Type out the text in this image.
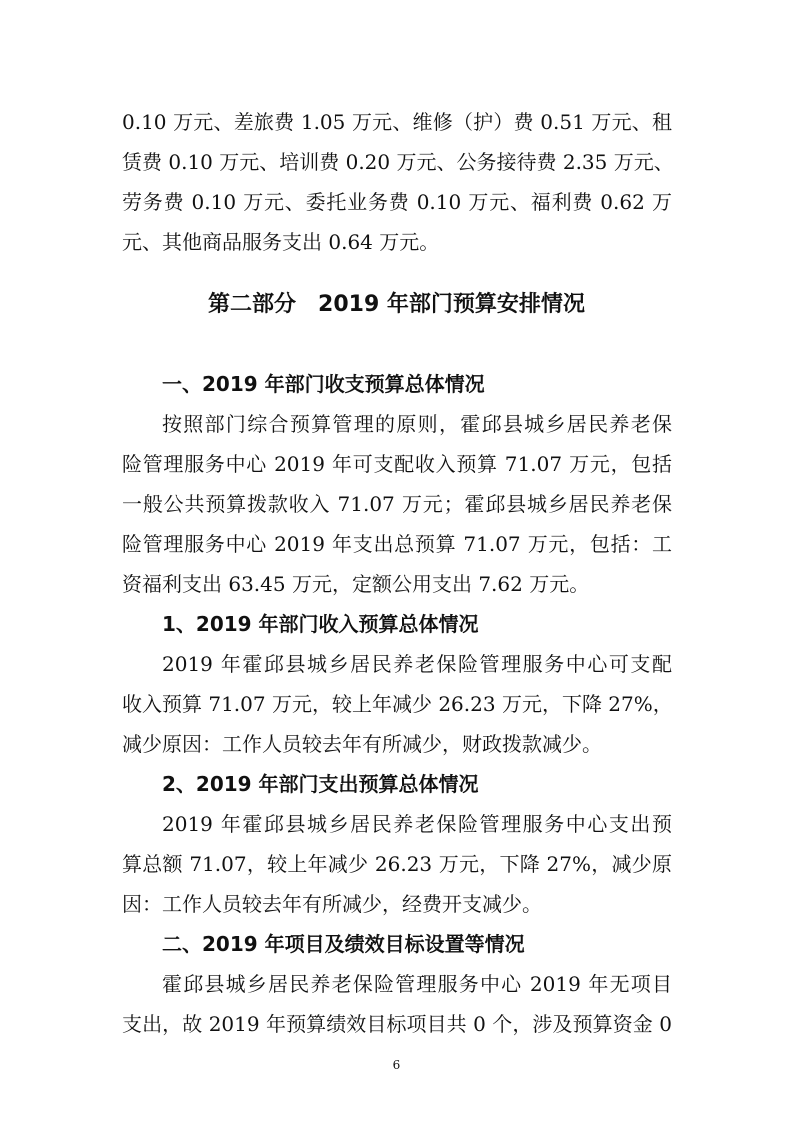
0.10 万元、差旅费 1.05 万元、维修（护）费 0.51 万元、租
赁费 0.10 万元、培训费 0.20 万元、公务接待费 2.35 万元、
劳务费 0.10 万元、委托业务费 0.10 万元、福利费 0.62 万
元、其他商品服务支出 0.64 万元。
第二部分　2019 年部门预算安排情况
一、2019 年部门收支预算总体情况
按照部门综合预算管理的原则，霍邱县城乡居民养老保
险管理服务中心 2019 年可支配收入预算 71.07 万元，包括
一般公共预算拨款收入 71.07 万元；霍邱县城乡居民养老保
险管理服务中心 2019 年支出总预算 71.07 万元，包括：工
资福利支出 63.45 万元，定额公用支出 7.62 万元。
1、2019 年部门收入预算总体情况
2019 年霍邱县城乡居民养老保险管理服务中心可支配
收入预算 71.07 万元，较上年减少 26.23 万元，下降 27%，
减少原因：工作人员较去年有所减少，财政拨款减少。
2、2019 年部门支出预算总体情况
2019 年霍邱县城乡居民养老保险管理服务中心支出预
算总额 71.07，较上年减少 26.23 万元，下降 27%，减少原
因：工作人员较去年有所减少，经费开支减少。
二、2019 年项目及绩效目标设置等情况
霍邱县城乡居民养老保险管理服务中心 2019 年无项目
支出，故 2019 年预算绩效目标项目共 0 个，涉及预算资金 0
6
